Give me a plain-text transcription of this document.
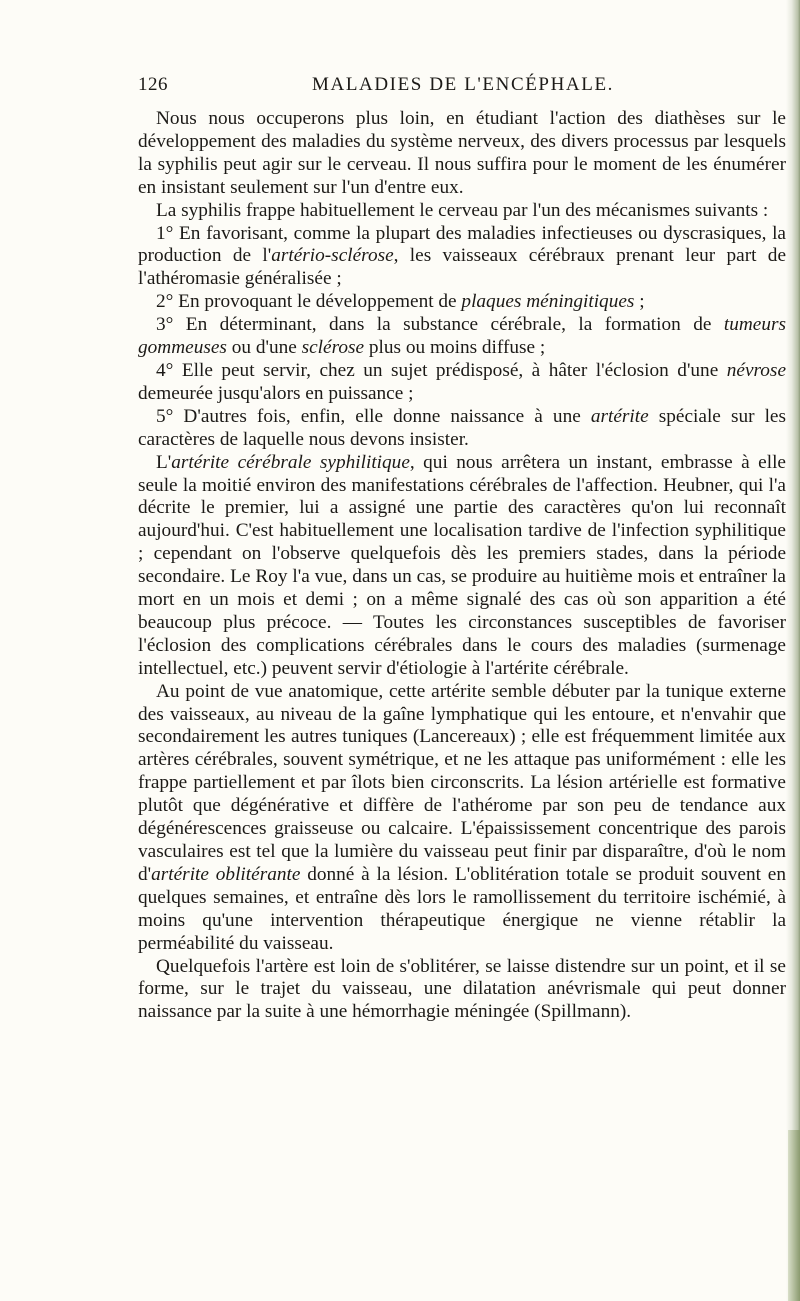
126	MALADIES DE L'ENCÉPHALE.

Nous nous occuperons plus loin, en étudiant l'action des diathèses sur le développement des maladies du système nerveux, des divers processus par lesquels la syphilis peut agir sur le cerveau. Il nous suffira pour le moment de les énumérer en insistant seulement sur l'un d'entre eux.

La syphilis frappe habituellement le cerveau par l'un des mécanismes suivants :

1° En favorisant, comme la plupart des maladies infectieuses ou dyscrasiques, la production de l'artério-sclérose, les vaisseaux cérébraux prenant leur part de l'athéromasie généralisée ;

2° En provoquant le développement de plaques méningitiques ;

3° En déterminant, dans la substance cérébrale, la formation de tumeurs gommeuses ou d'une sclérose plus ou moins diffuse ;

4° Elle peut servir, chez un sujet prédisposé, à hâter l'éclosion d'une névrose demeurée jusqu'alors en puissance ;

5° D'autres fois, enfin, elle donne naissance à une artérite spéciale sur les caractères de laquelle nous devons insister.

L'artérite cérébrale syphilitique, qui nous arrêtera un instant, embrasse à elle seule la moitié environ des manifestations cérébrales de l'affection. Heubner, qui l'a décrite le premier, lui a assigné une partie des caractères qu'on lui reconnaît aujourd'hui. C'est habituellement une localisation tardive de l'infection syphilitique ; cependant on l'observe quelquefois dès les premiers stades, dans la période secondaire. Le Roy l'a vue, dans un cas, se produire au huitième mois et entraîner la mort en un mois et demi ; on a même signalé des cas où son apparition a été beaucoup plus précoce. — Toutes les circonstances susceptibles de favoriser l'éclosion des complications cérébrales dans le cours des maladies (surmenage intellectuel, etc.) peuvent servir d'étiologie à l'artérite cérébrale.

Au point de vue anatomique, cette artérite semble débuter par la tunique externe des vaisseaux, au niveau de la gaîne lymphatique qui les entoure, et n'envahir que secondairement les autres tuniques (Lancereaux) ; elle est fréquemment limitée aux artères cérébrales, souvent symétrique, et ne les attaque pas uniformément : elle les frappe partiellement et par îlots bien circonscrits. La lésion artérielle est formative plutôt que dégénérative et diffère de l'athérome par son peu de tendance aux dégénérescences graisseuse ou calcaire. L'épaississement concentrique des parois vasculaires est tel que la lumière du vaisseau peut finir par disparaître, d'où le nom d'artérite oblitérante donné à la lésion. L'oblitération totale se produit souvent en quelques semaines, et entraîne dès lors le ramollissement du territoire ischémié, à moins qu'une intervention thérapeutique énergique ne vienne rétablir la perméabilité du vaisseau.

Quelquefois l'artère est loin de s'oblitérer, se laisse distendre sur un point, et il se forme, sur le trajet du vaisseau, une dilatation anévrismale qui peut donner naissance par la suite à une hémorrhagie méningée (Spillmann).
